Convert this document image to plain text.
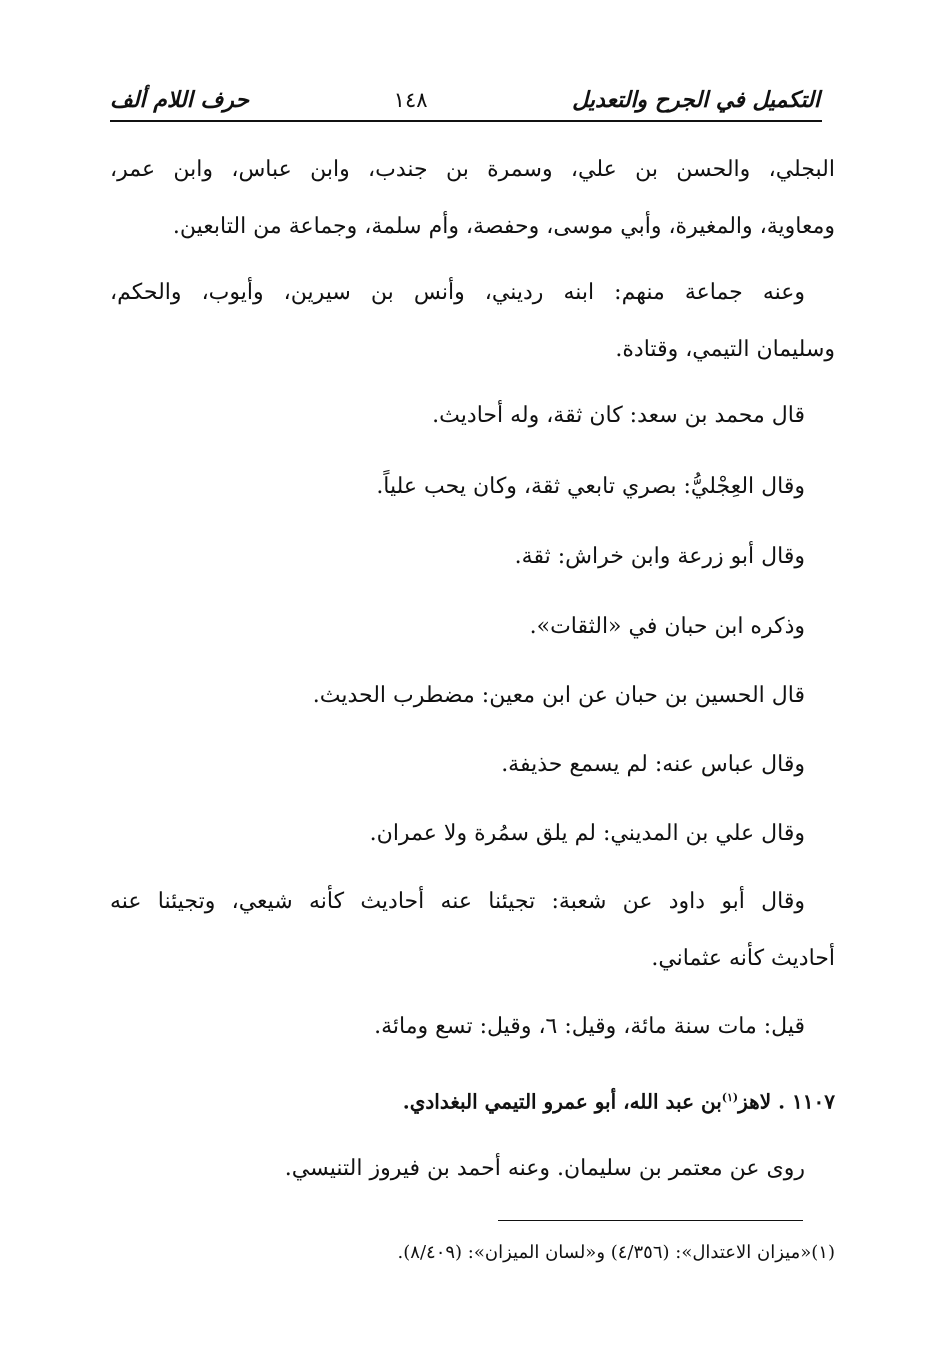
التكميل في الجرح والتعديل
١٤٨
حرف اللام ألف
البجلي، والحسن بن علي، وسمرة بن جندب، وابن عباس، وابن عمر،
ومعاوية، والمغيرة، وأبي موسى، وحفصة، وأم سلمة، وجماعة من التابعين.
وعنه جماعة منهم: ابنه رديني، وأنس بن سيرين، وأيوب، والحكم،
وسليمان التيمي، وقتادة.
قال محمد بن سعد: كان ثقة، وله أحاديث.
وقال العِجْليُّ: بصري تابعي ثقة، وكان يحب علياً.
وقال أبو زرعة وابن خراش: ثقة.
وذكره ابن حبان في «الثقات».
قال الحسين بن حبان عن ابن معين: مضطرب الحديث.
وقال عباس عنه: لم يسمع حذيفة.
وقال علي بن المديني: لم يلق سمُرة ولا عمران.
وقال أبو داود عن شعبة: تجيئنا عنه أحاديث كأنه شيعي، وتجيئنا عنه
أحاديث كأنه عثماني.
قيل: مات سنة مائة، وقيل: ٦، وقيل: تسع ومائة.
١١٠٧ . لاهز$^{(١)}$بن عبد الله، أبو عمرو التيمي البغدادي.
روى عن معتمر بن سليمان. وعنه أحمد بن فيروز التنيسي.
(١)«ميزان الاعتدال»: (٤/٣٥٦) و«لسان الميزان»: (٨/٤٠٩).
